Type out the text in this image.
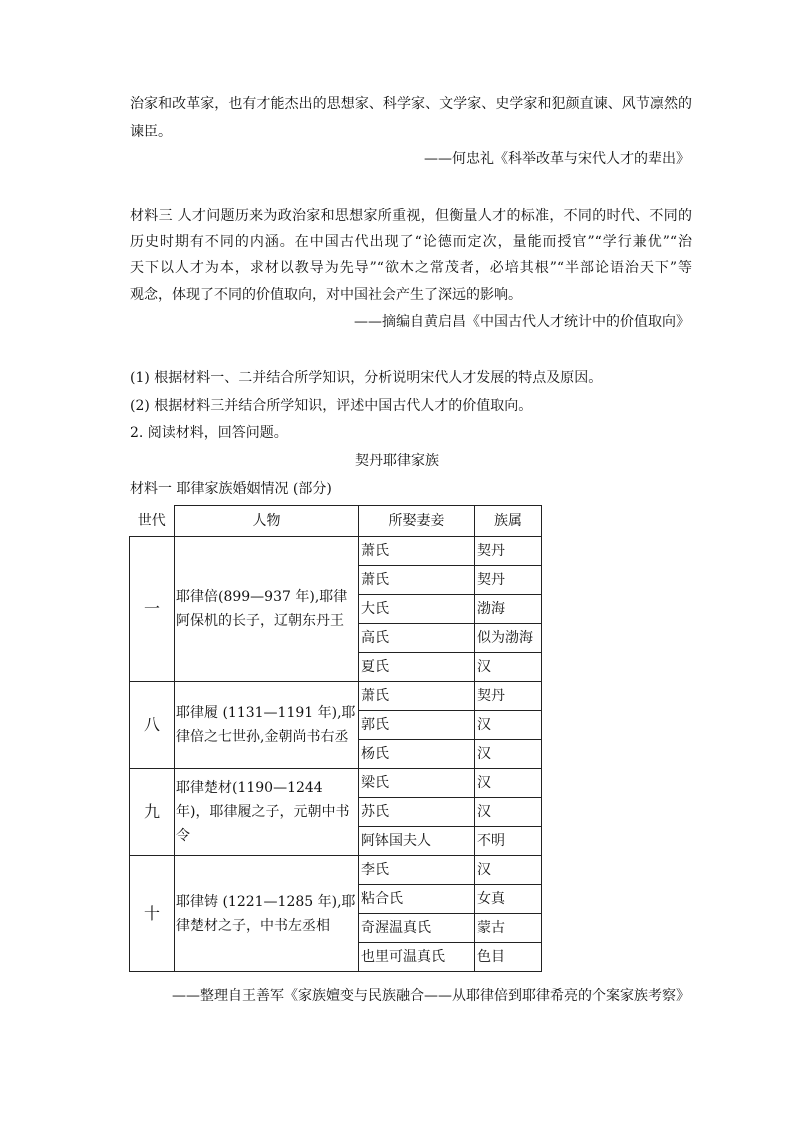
治家和改革家，也有才能杰出的思想家、科学家、文学家、史学家和犯颜直谏、风节凛然的
谏臣。
——何忠礼《科举改革与宋代人才的辈出》
材料三 人才问题历来为政治家和思想家所重视，但衡量人才的标准，不同的时代、不同的
历史时期有不同的内涵。在中国古代出现了“论德而定次，量能而授官”“学行兼优”“治
天下以人才为本，求材以教导为先导”“欲木之常茂者，必培其根”“半部论语治天下”等
观念，体现了不同的价值取向，对中国社会产生了深远的影响。
——摘编自黄启昌《中国古代人才统计中的价值取向》
(1) 根据材料一、二并结合所学知识，分析说明宋代人才发展的特点及原因。
(2) 根据材料三并结合所学知识，评述中国古代人才的价值取向。
2. 阅读材料，回答问题。
契丹耶律家族
材料一 耶律家族婚姻情况 (部分)
世代	人物	所娶妻妾	族属
一	耶律倍(899—937 年),耶律阿保机的长子，辽朝东丹王	萧氏	契丹
		萧氏	契丹
		大氏	渤海
		高氏	似为渤海
		夏氏	汉
八	耶律履 (1131—1191 年),耶律倍之七世孙,金朝尚书右丞	萧氏	契丹
		郭氏	汉
		杨氏	汉
九	耶律楚材(1190—1244 年)，耶律履之子，元朝中书令	梁氏	汉
		苏氏	汉
		阿钵国夫人	不明
十	耶律铸 (1221—1285 年),耶律楚材之子，中书左丞相	李氏	汉
		粘合氏	女真
		奇渥温真氏	蒙古
		也里可温真氏	色目
——整理自王善军《家族嬗变与民族融合——从耶律倍到耶律希亮的个案家族考察》
